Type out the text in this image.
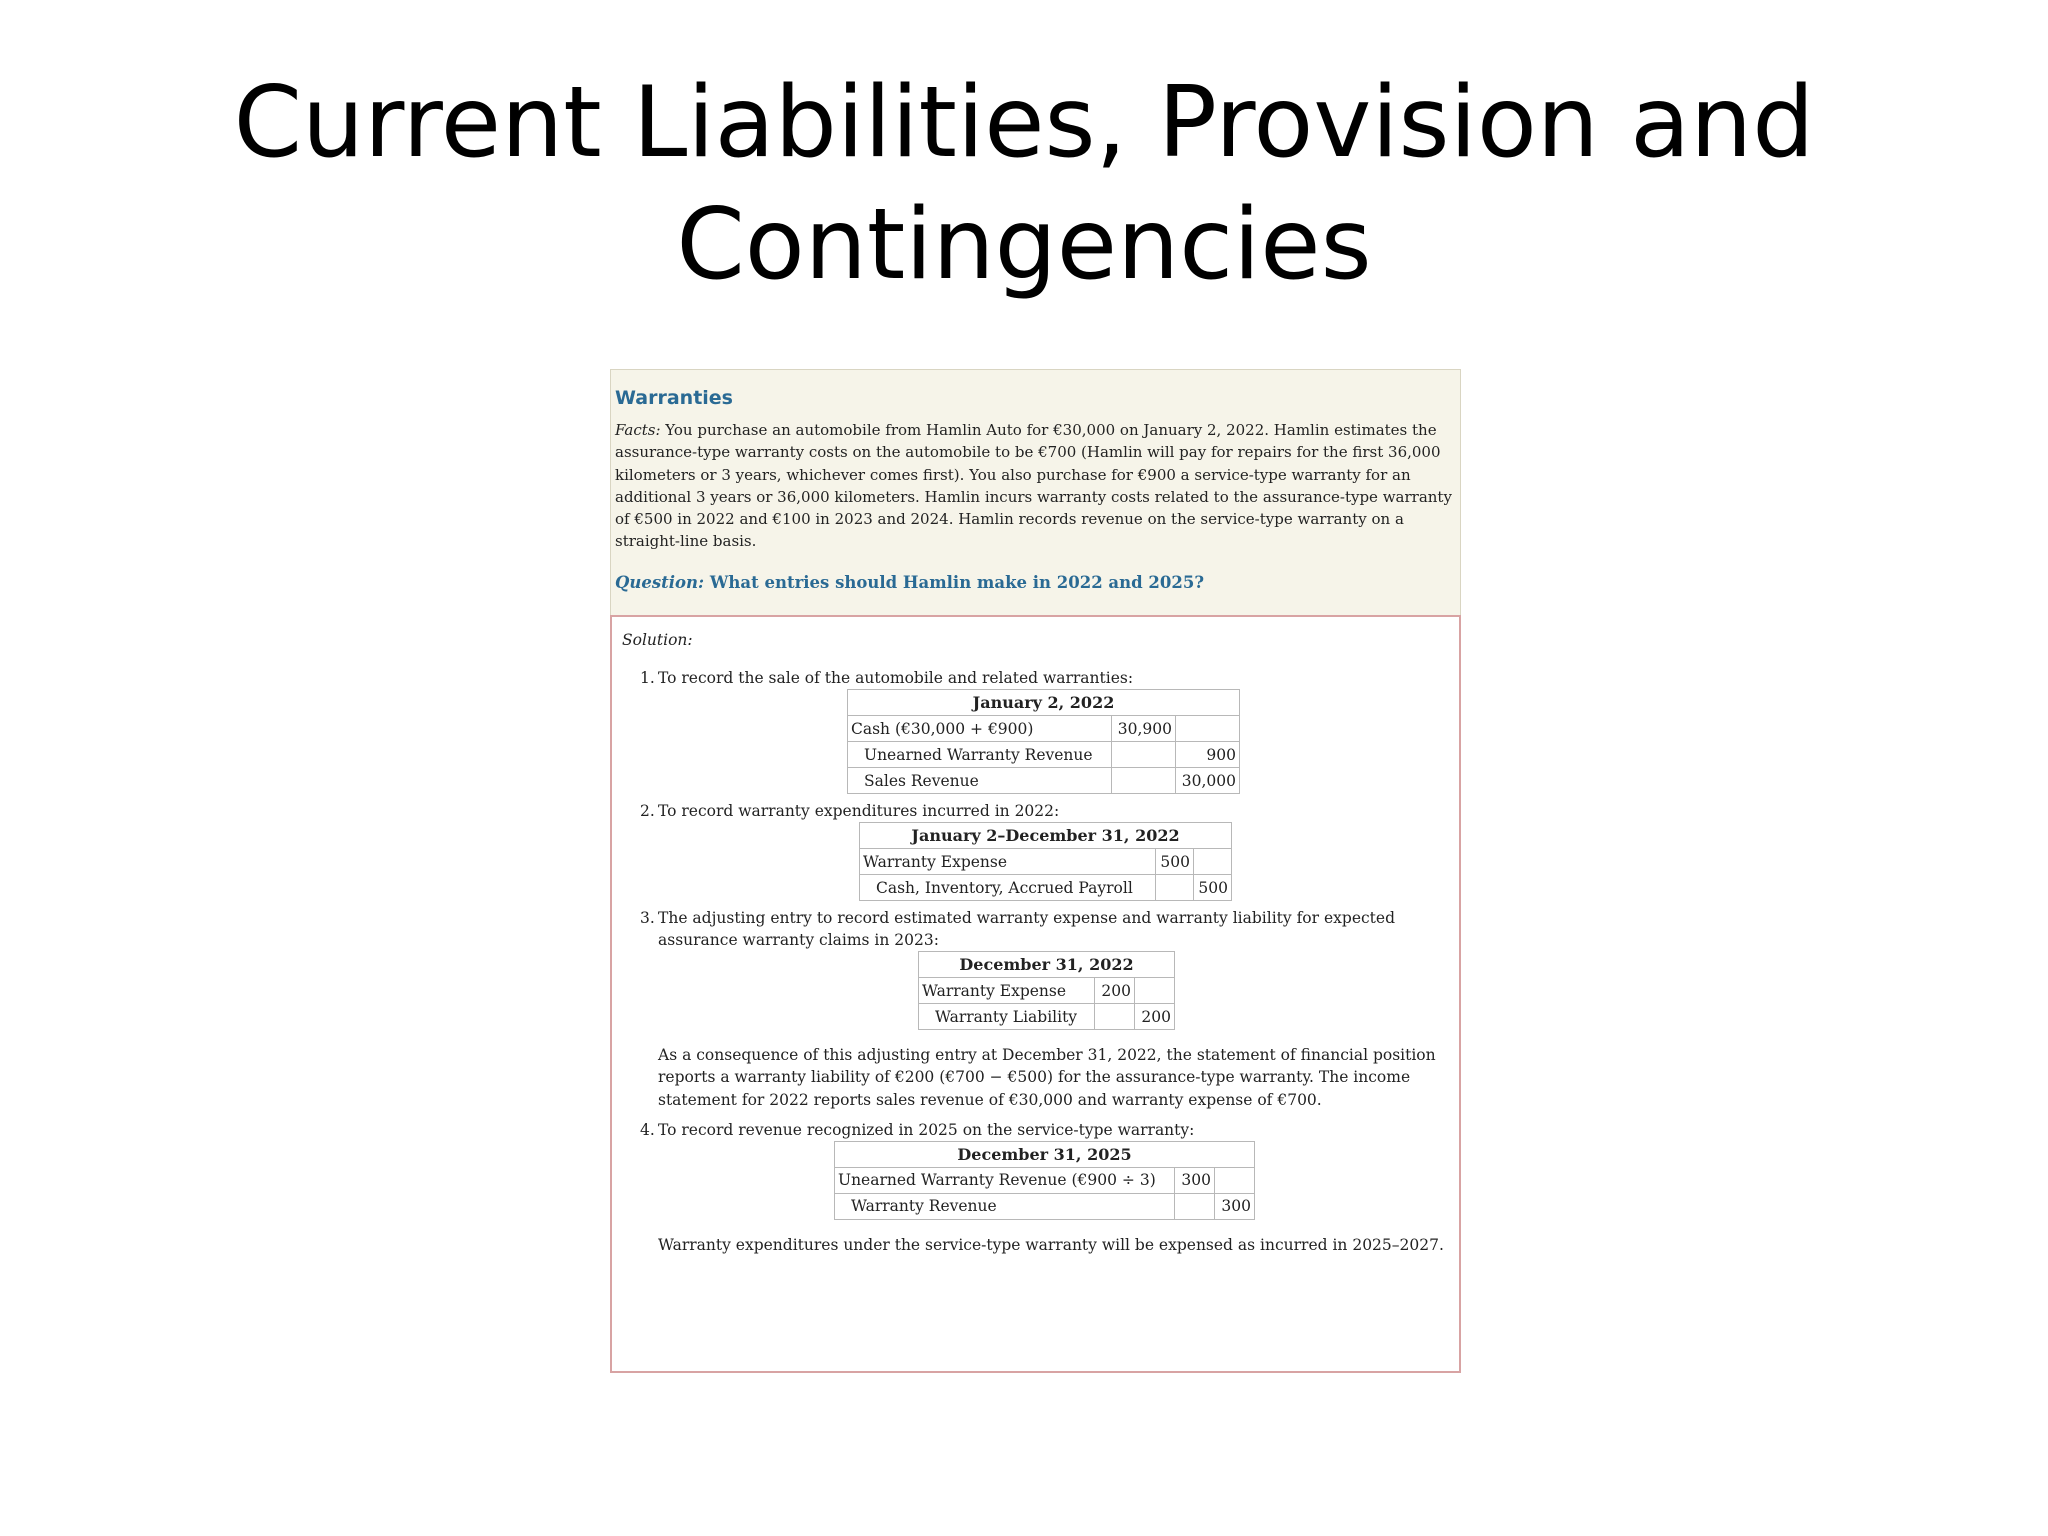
Current Liabilities, Provision and
Contingencies
Warranties

Facts: You purchase an automobile from Hamlin Auto for €30,000 on January 2, 2022. Hamlin estimates the assurance-type warranty costs on the automobile to be €700 (Hamlin will pay for repairs for the first 36,000 kilometers or 3 years, whichever comes first). You also purchase for €900 a service-type warranty for an additional 3 years or 36,000 kilometers. Hamlin incurs warranty costs related to the assurance-type warranty of €500 in 2022 and €100 in 2023 and 2024. Hamlin records revenue on the service-type warranty on a straight-line basis.

Question: What entries should Hamlin make in 2022 and 2025?

Solution:

1. To record the sale of the automobile and related warranties:

January 2, 2022		
Cash (€30,000 + €900)	30,900	
Unearned Warranty Revenue		900
Sales Revenue		30,000
2. To record warranty expenditures incurred in 2022:

January 2–December 31, 2022		
Warranty Expense	500	
Cash, Inventory, Accrued Payroll		500
3. The adjusting entry to record estimated warranty expense and warranty liability for expected assurance warranty claims in 2023:

December 31, 2022		
Warranty Expense	200	
Warranty Liability		200

As a consequence of this adjusting entry at December 31, 2022, the statement of financial position reports a warranty liability of €200 (€700 − €500) for the assurance-type warranty. The income statement for 2022 reports sales revenue of €30,000 and warranty expense of €700.

4. To record revenue recognized in 2025 on the service-type warranty:

December 31, 2025		
Unearned Warranty Revenue (€900 ÷ 3)	300	
Warranty Revenue		300

Warranty expenditures under the service-type warranty will be expensed as incurred in 2025–2027.
